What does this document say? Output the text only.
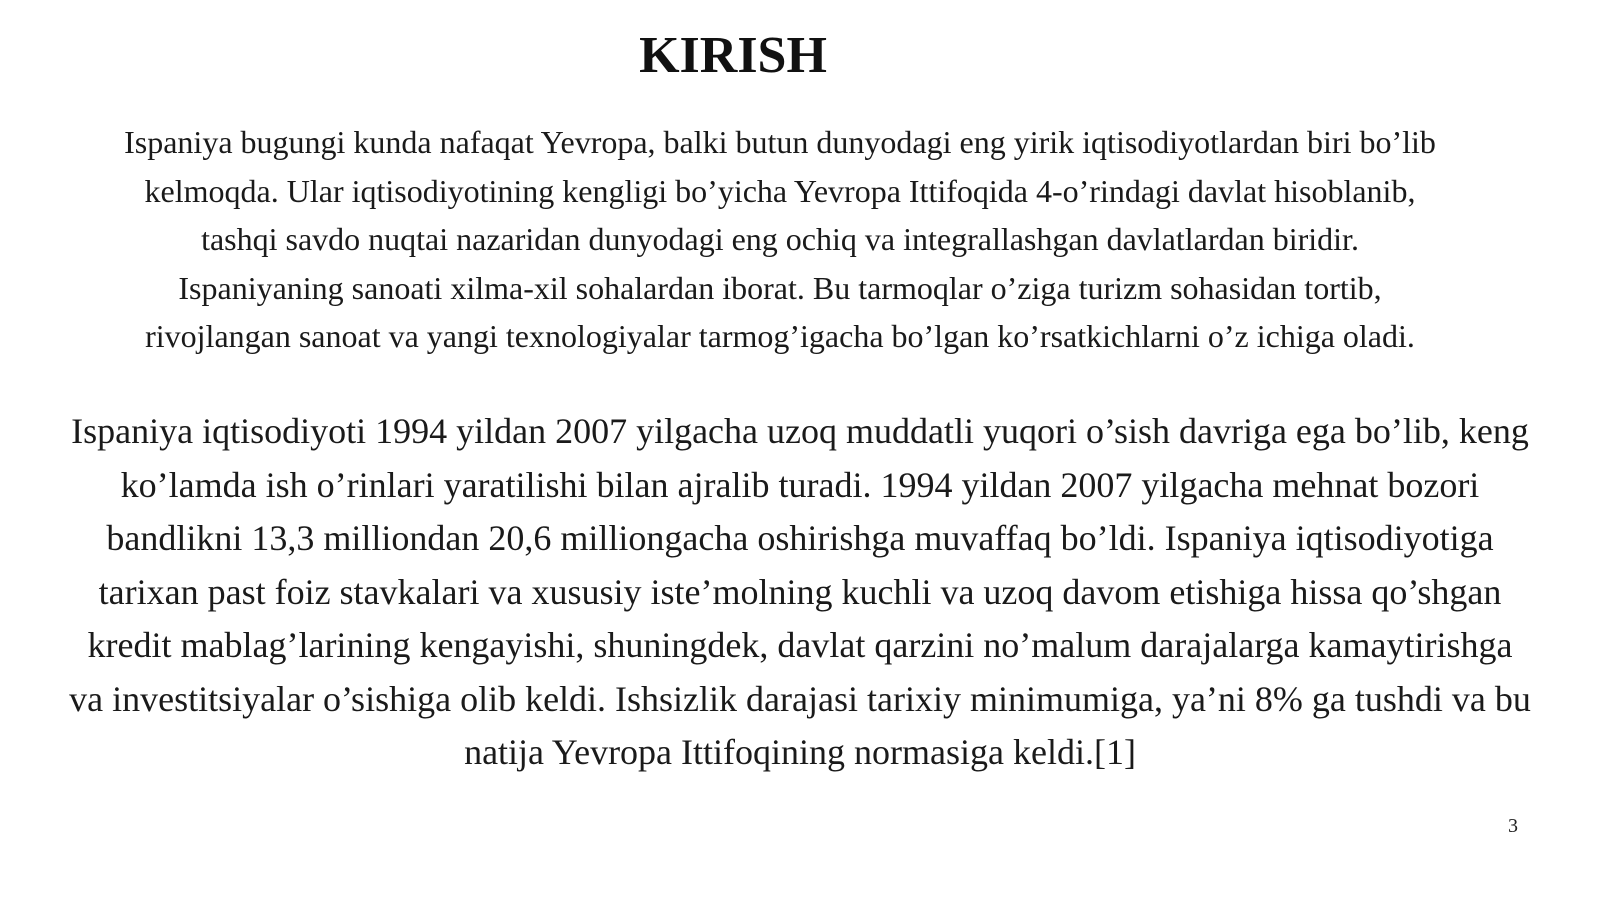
KIRISH

Ispaniya bugungi kunda nafaqat Yevropa, balki butun dunyodagi eng yirik iqtisodiyotlardan biri bo’lib
kelmoqda. Ular iqtisodiyotining kengligi bo’yicha Yevropa Ittifoqida 4-o’rindagi davlat hisoblanib,
tashqi savdo nuqtai nazaridan dunyodagi eng ochiq va integrallashgan davlatlardan biridir.
Ispaniyaning sanoati xilma-xil sohalardan iborat. Bu tarmoqlar o’ziga turizm sohasidan tortib,
rivojlangan sanoat va yangi texnologiyalar tarmog’igacha bo’lgan ko’rsatkichlarni o’z ichiga oladi.

Ispaniya iqtisodiyoti 1994 yildan 2007 yilgacha uzoq muddatli yuqori o’sish davriga ega bo’lib, keng
ko’lamda ish o’rinlari yaratilishi bilan ajralib turadi. 1994 yildan 2007 yilgacha mehnat bozori
bandlikni 13,3 milliondan 20,6 milliongacha oshirishga muvaffaq bo’ldi. Ispaniya iqtisodiyotiga
tarixan past foiz stavkalari va xususiy iste’molning kuchli va uzoq davom etishiga hissa qo’shgan
kredit mablag’larining kengayishi, shuningdek, davlat qarzini no’malum darajalarga kamaytirishga
va investitsiyalar o’sishiga olib keldi. Ishsizlik darajasi tarixiy minimumiga, ya’ni 8% ga tushdi va bu
natija Yevropa Ittifoqining normasiga keldi.[1]

3
